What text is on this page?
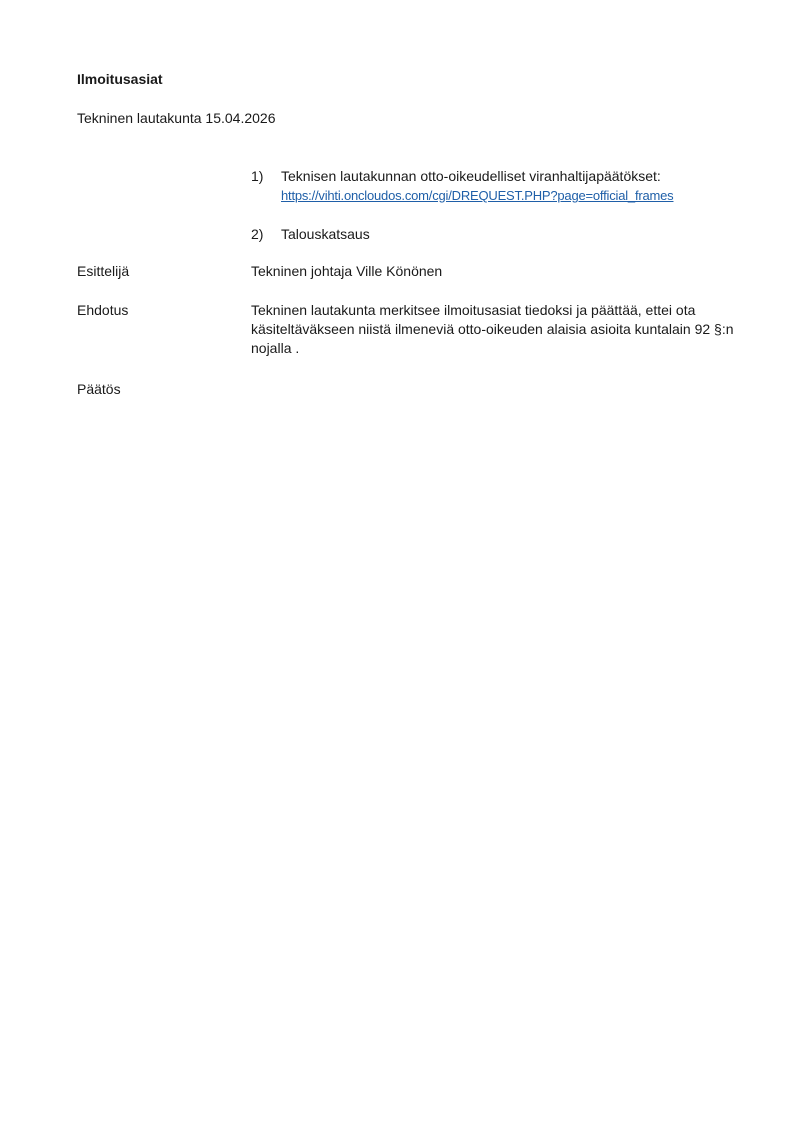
Ilmoitusasiat
Tekninen lautakunta 15.04.2026
1)	Teknisen lautakunnan otto-oikeudelliset viranhaltijapäätökset:
https://vihti.oncloudos.com/cgi/DREQUEST.PHP?page=official_frames
2)	Talouskatsaus
Esittelijä	Tekninen johtaja Ville Könönen
Ehdotus	Tekninen lautakunta merkitsee ilmoitusasiat tiedoksi ja päättää, ettei ota käsiteltäväkseen niistä ilmeneviä otto-oikeuden alaisia asioita kuntalain 92 §:n nojalla .
Päätös
